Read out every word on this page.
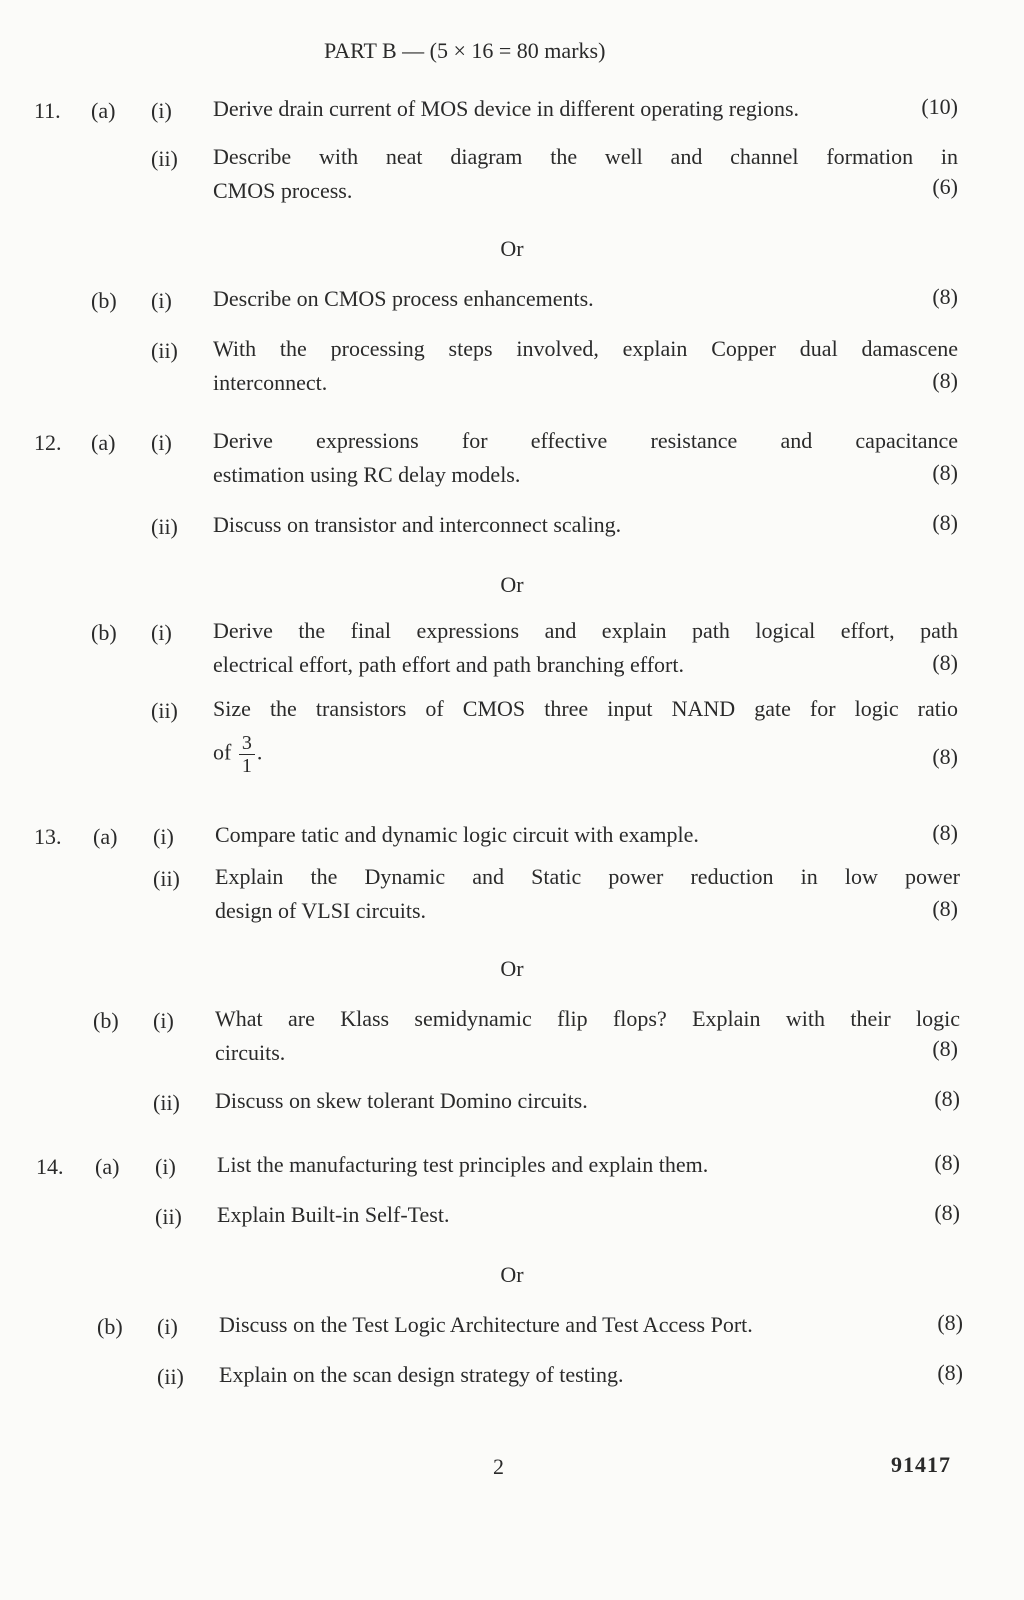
PART B — (5 × 16 = 80 marks)
11. (a) (i) Derive drain current of MOS device in different operating regions.	(10)
(ii) Describe with neat diagram the well and channel formation in
CMOS process.	(6)
Or
(b) (i) Describe on CMOS process enhancements.	(8)
(ii) With the processing steps involved, explain Copper dual damascene
interconnect.	(8)
12. (a) (i) Derive expressions for effective resistance and capacitance
estimation using RC delay models.	(8)
(ii) Discuss on transistor and interconnect scaling.	(8)
Or
(b) (i) Derive the final expressions and explain path logical effort, path
electrical effort, path effort and path branching effort.	(8)
(ii) Size the transistors of CMOS three input NAND gate for logic ratio
of $\frac{3}{1}$ .	(8)
13. (a) (i) Compare tatic and dynamic logic circuit with example.	(8)
(ii) Explain the Dynamic and Static power reduction in low power
design of VLSI circuits.	(8)
Or
(b) (i) What are Klass semidynamic flip flops? Explain with their logic
circuits.	(8)
(ii) Discuss on skew tolerant Domino circuits.	(8)
14. (a) (i) List the manufacturing test principles and explain them.	(8)
(ii) Explain Built-in Self-Test.	(8)
Or
(b) (i) Discuss on the Test Logic Architecture and Test Access Port.	(8)
(ii) Explain on the scan design strategy of testing.	(8)
2	91417
